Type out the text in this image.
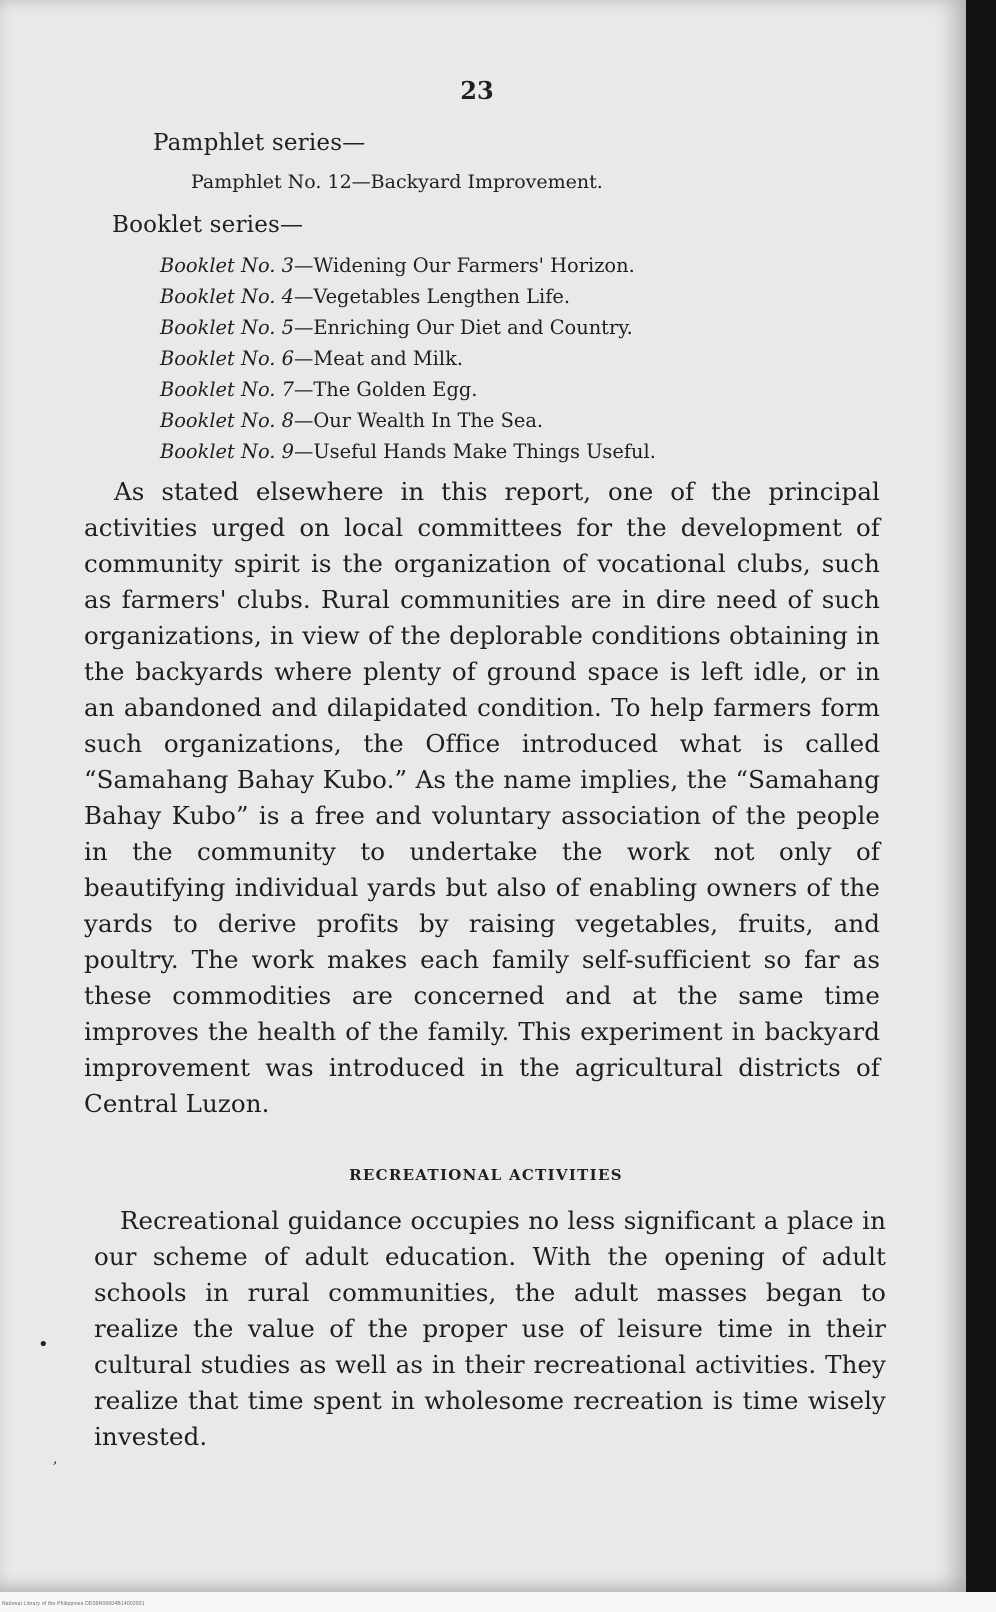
23
Pamphlet series—
Pamphlet No. 12—Backyard Improvement.
Booklet series—
Booklet No. 3—Widening Our Farmers' Horizon.
Booklet No. 4—Vegetables Lengthen Life.
Booklet No. 5—Enriching Our Diet and Country.
Booklet No. 6—Meat and Milk.
Booklet No. 7—The Golden Egg.
Booklet No. 8—Our Wealth In The Sea.
Booklet No. 9—Useful Hands Make Things Useful.

As stated elsewhere in this report, one of the principal activities urged on local committees for the development of community spirit is the organization of vocational clubs, such as farmers' clubs. Rural communities are in dire need of such organizations, in view of the deplorable conditions obtaining in the backyards where plenty of ground space is left idle, or in an abandoned and dilapidated condition. To help farmers form such organizations, the Office introduced what is called “Samahang Bahay Kubo.” As the name implies, the “Samahang Bahay Kubo” is a free and voluntary association of the people in the community to undertake the work not only of beautifying individual yards but also of enabling owners of the yards to derive profits by raising vegetables, fruits, and poultry. The work makes each family self-sufficient so far as these commodities are concerned and at the same time improves the health of the family. This experiment in backyard improvement was introduced in the agricultural districts of Central Luzon.

RECREATIONAL ACTIVITIES

Recreational guidance occupies no less significant a place in our scheme of adult education. With the opening of adult schools in rural communities, the adult masses began to realize the value of the proper use of leisure time in their cultural studies as well as in their recreational activities. They realize that time spent in wholesome recreation is time wisely invested.

•
,
National Library of the Philippines DD39R00004B14002931
